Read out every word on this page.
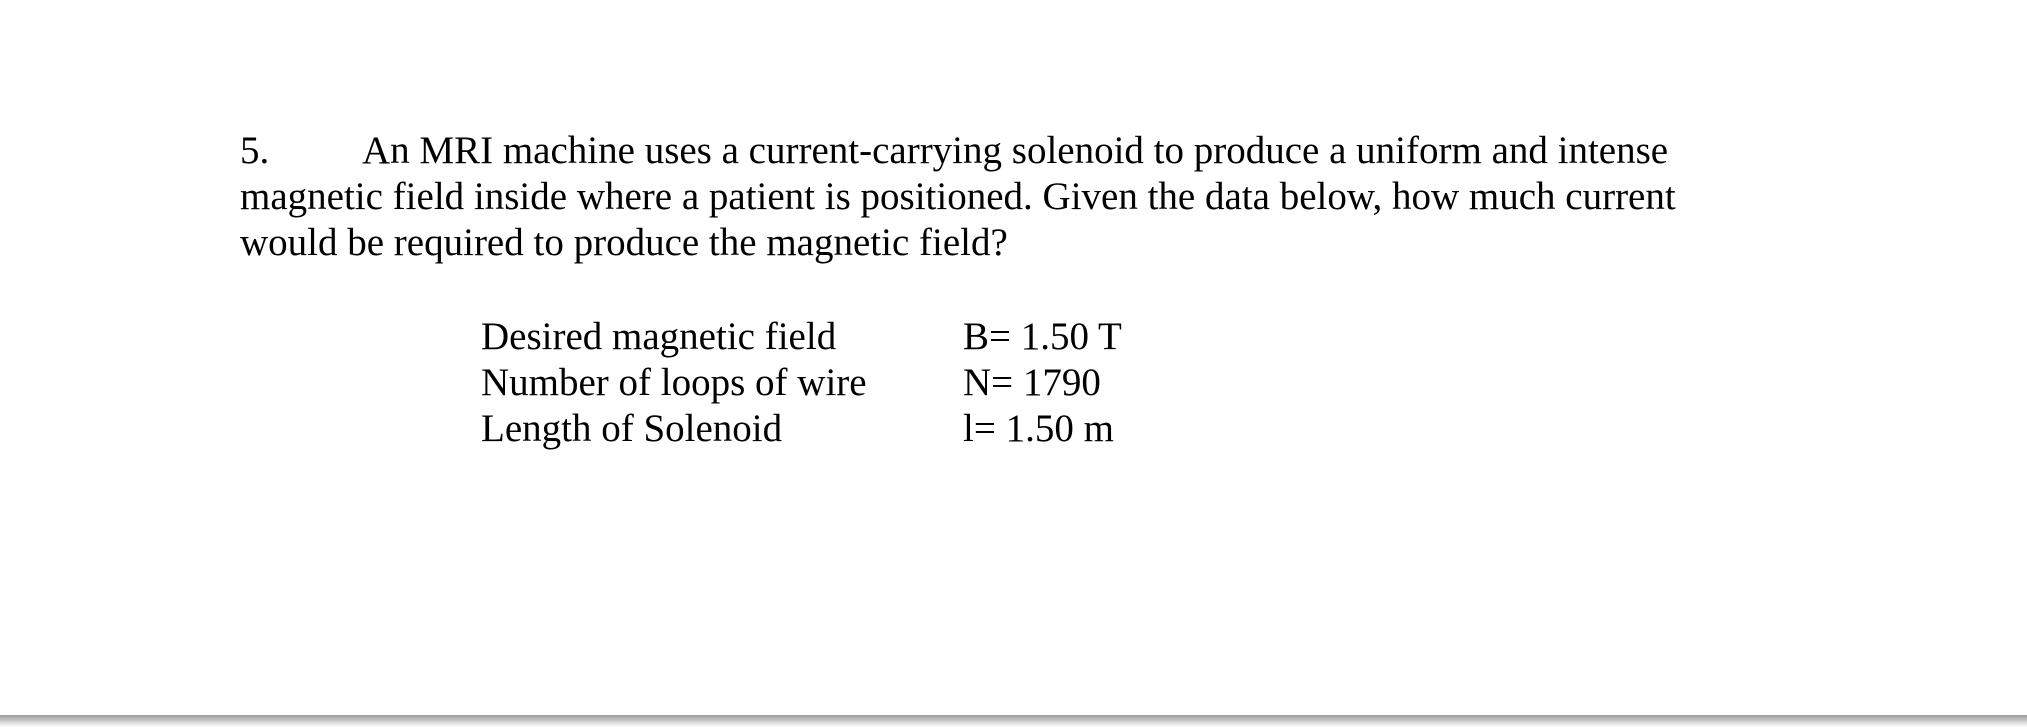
5. An MRI machine uses a current-carrying solenoid to produce a uniform and intense
magnetic field inside where a patient is positioned. Given the data below, how much current
would be required to produce the magnetic field?
Desired magnetic field	B= 1.50 T
Number of loops of wire	N= 1790
Length of Solenoid	l= 1.50 m
